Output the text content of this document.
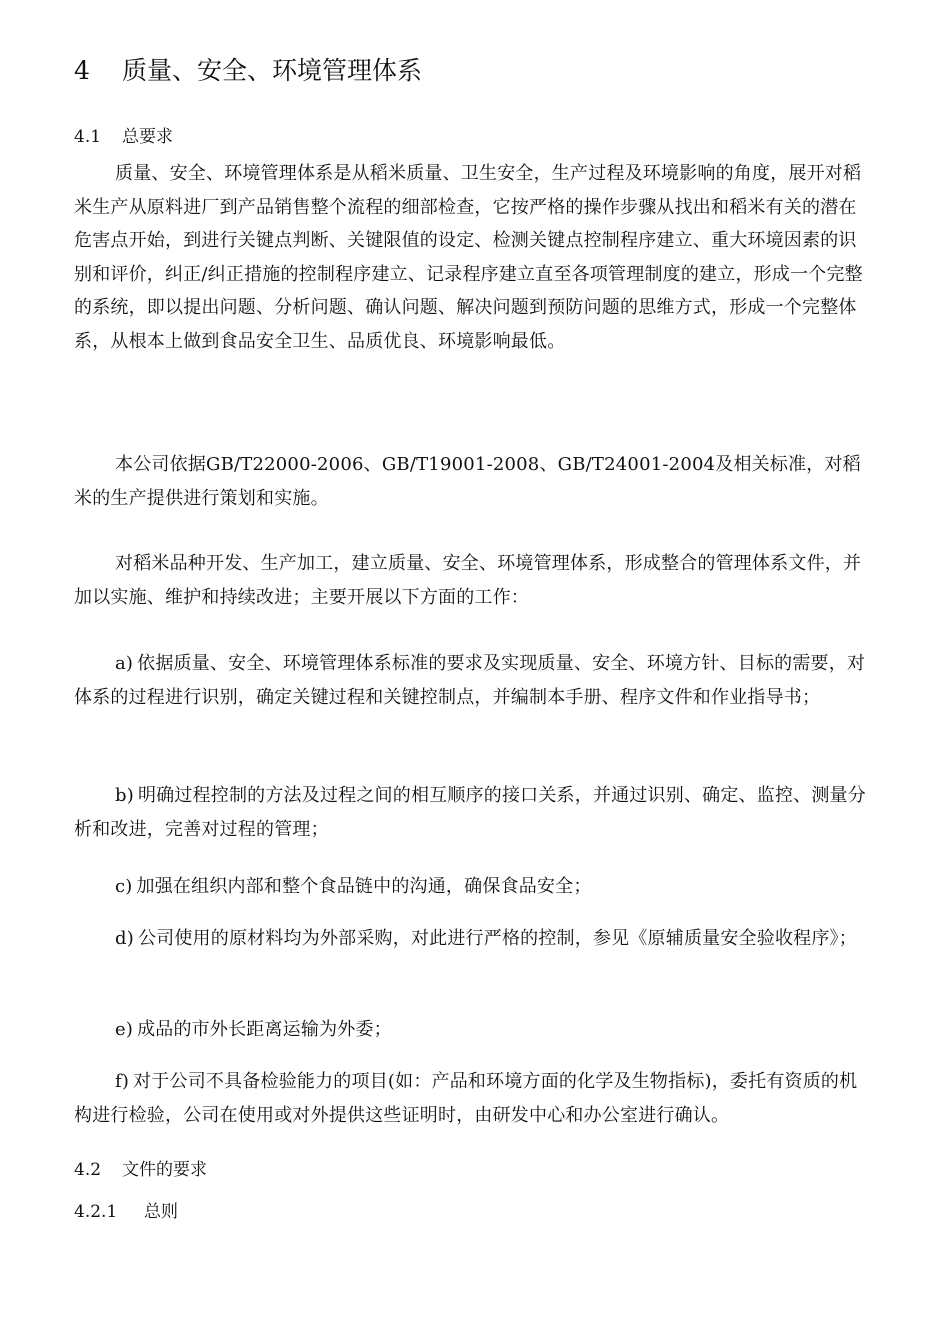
4 质量、安全、环境管理体系
4.1 总要求

质量、安全、环境管理体系是从稻米质量、卫生安全，生产过程及环境影响的角度，展开对稻米生产从原料进厂到产品销售整个流程的细部检查，它按严格的操作步骤从找出和稻米有关的潜在危害点开始，到进行关键点判断、关键限值的设定、检测关键点控制程序建立、重大环境因素的识别和评价，纠正/纠正措施的控制程序建立、记录程序建立直至各项管理制度的建立，形成一个完整的系统，即以提出问题、分析问题、确认问题、解决问题到预防问题的思维方式，形成一个完整体系，从根本上做到食品安全卫生、品质优良、环境影响最低。

本公司依据GB/T22000-2006、GB/T19001-2008、GB/T24001-2004及相关标准，对稻米的生产提供进行策划和实施。

对稻米品种开发、生产加工，建立质量、安全、环境管理体系，形成整合的管理体系文件，并加以实施、维护和持续改进；主要开展以下方面的工作：

a) 依据质量、安全、环境管理体系标准的要求及实现质量、安全、环境方针、目标的需要，对体系的过程进行识别，确定关键过程和关键控制点，并编制本手册、程序文件和作业指导书；

b) 明确过程控制的方法及过程之间的相互顺序的接口关系，并通过识别、确定、监控、测量分析和改进，完善对过程的管理；

c) 加强在组织内部和整个食品链中的沟通，确保食品安全；

d) 公司使用的原材料均为外部采购，对此进行严格的控制，参见《原辅质量安全验收程序》；

e) 成品的市外长距离运输为外委；

f) 对于公司不具备检验能力的项目(如：产品和环境方面的化学及生物指标)，委托有资质的机构进行检验，公司在使用或对外提供这些证明时，由研发中心和办公室进行确认。

4.2 文件的要求
4.2.1 总则
